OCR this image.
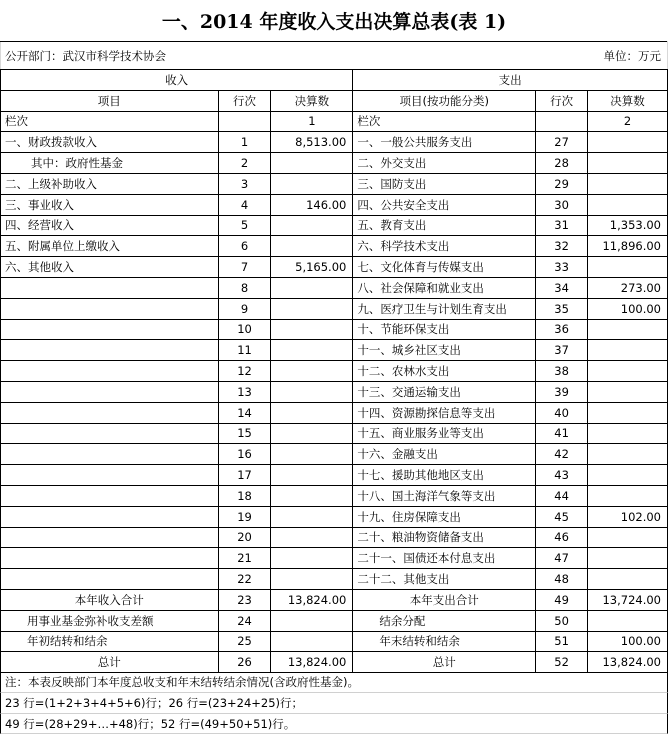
一、2014 年度收入支出决算总表(表 1)
公开部门：武汉市科学技术协会					单位：万元
收入			支出		
项目	行次	决算数	项目(按功能分类)	行次	决算数
栏次		1	栏次		2
一、财政拨款收入	1	8,513.00	一、一般公共服务支出	27	
其中：政府性基金	2		二、外交支出	28	
二、上级补助收入	3		三、国防支出	29	
三、事业收入	4	146.00	四、公共安全支出	30	
四、经营收入	5		五、教育支出	31	1,353.00
五、附属单位上缴收入	6		六、科学技术支出	32	11,896.00
六、其他收入	7	5,165.00	七、文化体育与传媒支出	33	
	8		八、社会保障和就业支出	34	273.00
	9		九、医疗卫生与计划生育支出	35	100.00
	10		十、节能环保支出	36	
	11		十一、城乡社区支出	37	
	12		十二、农林水支出	38	
	13		十三、交通运输支出	39	
	14		十四、资源勘探信息等支出	40	
	15		十五、商业服务业等支出	41	
	16		十六、金融支出	42	
	17		十七、援助其他地区支出	43	
	18		十八、国土海洋气象等支出	44	
	19		十九、住房保障支出	45	102.00
	20		二十、粮油物资储备支出	46	
	21		二十一、国债还本付息支出	47	
	22		二十二、其他支出	48	
本年收入合计	23	13,824.00	本年支出合计	49	13,724.00
用事业基金弥补收支差额	24		结余分配	50	
年初结转和结余	25		年末结转和结余	51	100.00
总计	26	13,824.00	总计	52	13,824.00
注：本表反映部门本年度总收支和年末结转结余情况(含政府性基金)。
23 行=(1+2+3+4+5+6)行；26 行=(23+24+25)行；
49 行=(28+29+…+48)行；52 行=(49+50+51)行。
